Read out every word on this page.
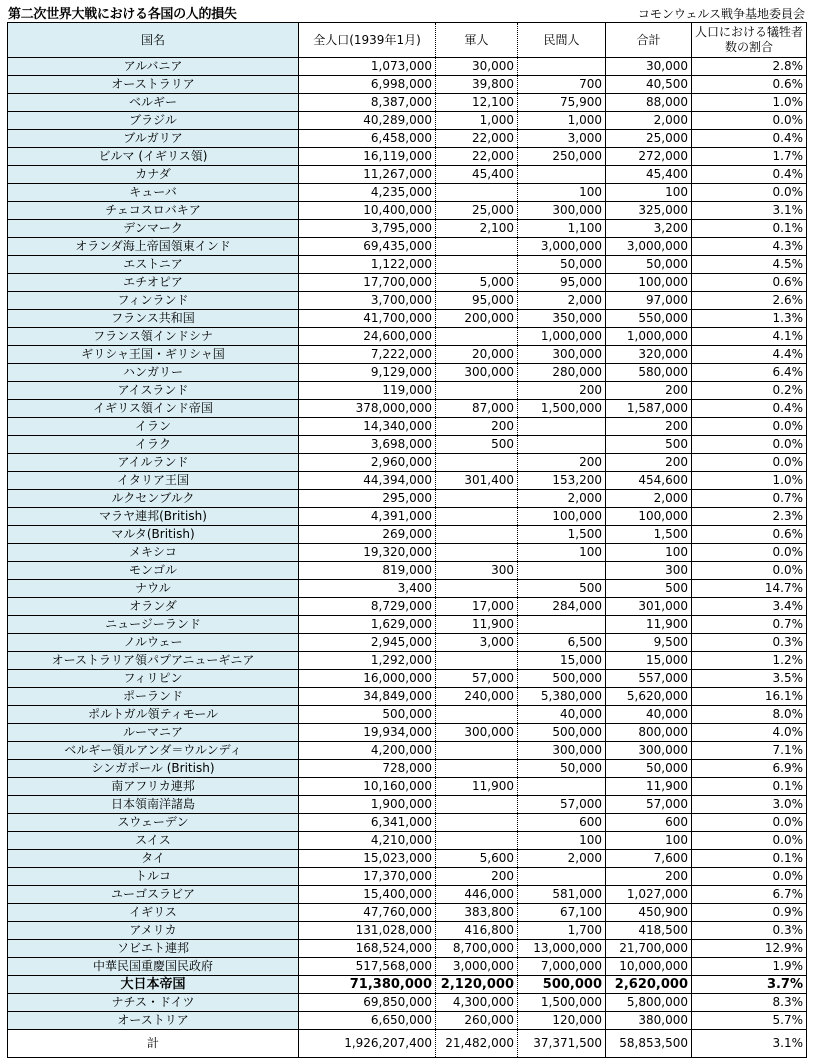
第二次世界大戦における各国の人的損失	コモンウェルス戦争基地委員会
国名	全人口(1939年1月)	軍人	民間人	合計	人口における犠牲者数の割合
アルバニア	1,073,000	30,000		30,000	2.8%
オーストラリア	6,998,000	39,800	700	40,500	0.6%
ベルギー	8,387,000	12,100	75,900	88,000	1.0%
ブラジル	40,289,000	1,000	1,000	2,000	0.0%
ブルガリア	6,458,000	22,000	3,000	25,000	0.4%
ビルマ (イギリス領)	16,119,000	22,000	250,000	272,000	1.7%
カナダ	11,267,000	45,400		45,400	0.4%
キューバ	4,235,000		100	100	0.0%
チェコスロバキア	10,400,000	25,000	300,000	325,000	3.1%
デンマーク	3,795,000	2,100	1,100	3,200	0.1%
オランダ海上帝国領東インド	69,435,000		3,000,000	3,000,000	4.3%
エストニア	1,122,000		50,000	50,000	4.5%
エチオピア	17,700,000	5,000	95,000	100,000	0.6%
フィンランド	3,700,000	95,000	2,000	97,000	2.6%
フランス共和国	41,700,000	200,000	350,000	550,000	1.3%
フランス領インドシナ	24,600,000		1,000,000	1,000,000	4.1%
ギリシャ王国・ギリシャ国	7,222,000	20,000	300,000	320,000	4.4%
ハンガリー	9,129,000	300,000	280,000	580,000	6.4%
アイスランド	119,000		200	200	0.2%
イギリス領インド帝国	378,000,000	87,000	1,500,000	1,587,000	0.4%
イラン	14,340,000	200		200	0.0%
イラク	3,698,000	500		500	0.0%
アイルランド	2,960,000		200	200	0.0%
イタリア王国	44,394,000	301,400	153,200	454,600	1.0%
ルクセンブルク	295,000		2,000	2,000	0.7%
マラヤ連邦(British)	4,391,000		100,000	100,000	2.3%
マルタ(British)	269,000		1,500	1,500	0.6%
メキシコ	19,320,000		100	100	0.0%
モンゴル	819,000	300		300	0.0%
ナウル	3,400		500	500	14.7%
オランダ	8,729,000	17,000	284,000	301,000	3.4%
ニュージーランド	1,629,000	11,900		11,900	0.7%
ノルウェー	2,945,000	3,000	6,500	9,500	0.3%
オーストラリア領パプアニューギニア	1,292,000		15,000	15,000	1.2%
フィリピン	16,000,000	57,000	500,000	557,000	3.5%
ポーランド	34,849,000	240,000	5,380,000	5,620,000	16.1%
ポルトガル領ティモール	500,000		40,000	40,000	8.0%
ルーマニア	19,934,000	300,000	500,000	800,000	4.0%
ベルギー領ルアンダ＝ウルンディ	4,200,000		300,000	300,000	7.1%
シンガポール (British)	728,000		50,000	50,000	6.9%
南アフリカ連邦	10,160,000	11,900		11,900	0.1%
日本領南洋諸島	1,900,000		57,000	57,000	3.0%
スウェーデン	6,341,000		600	600	0.0%
スイス	4,210,000		100	100	0.0%
タイ	15,023,000	5,600	2,000	7,600	0.1%
トルコ	17,370,000	200		200	0.0%
ユーゴスラビア	15,400,000	446,000	581,000	1,027,000	6.7%
イギリス	47,760,000	383,800	67,100	450,900	0.9%
アメリカ	131,028,000	416,800	1,700	418,500	0.3%
ソビエト連邦	168,524,000	8,700,000	13,000,000	21,700,000	12.9%
中華民国重慶国民政府	517,568,000	3,000,000	7,000,000	10,000,000	1.9%
大日本帝国	71,380,000	2,120,000	500,000	2,620,000	3.7%
ナチス・ドイツ	69,850,000	4,300,000	1,500,000	5,800,000	8.3%
オーストリア	6,650,000	260,000	120,000	380,000	5.7%
計	1,926,207,400	21,482,000	37,371,500	58,853,500	3.1%
